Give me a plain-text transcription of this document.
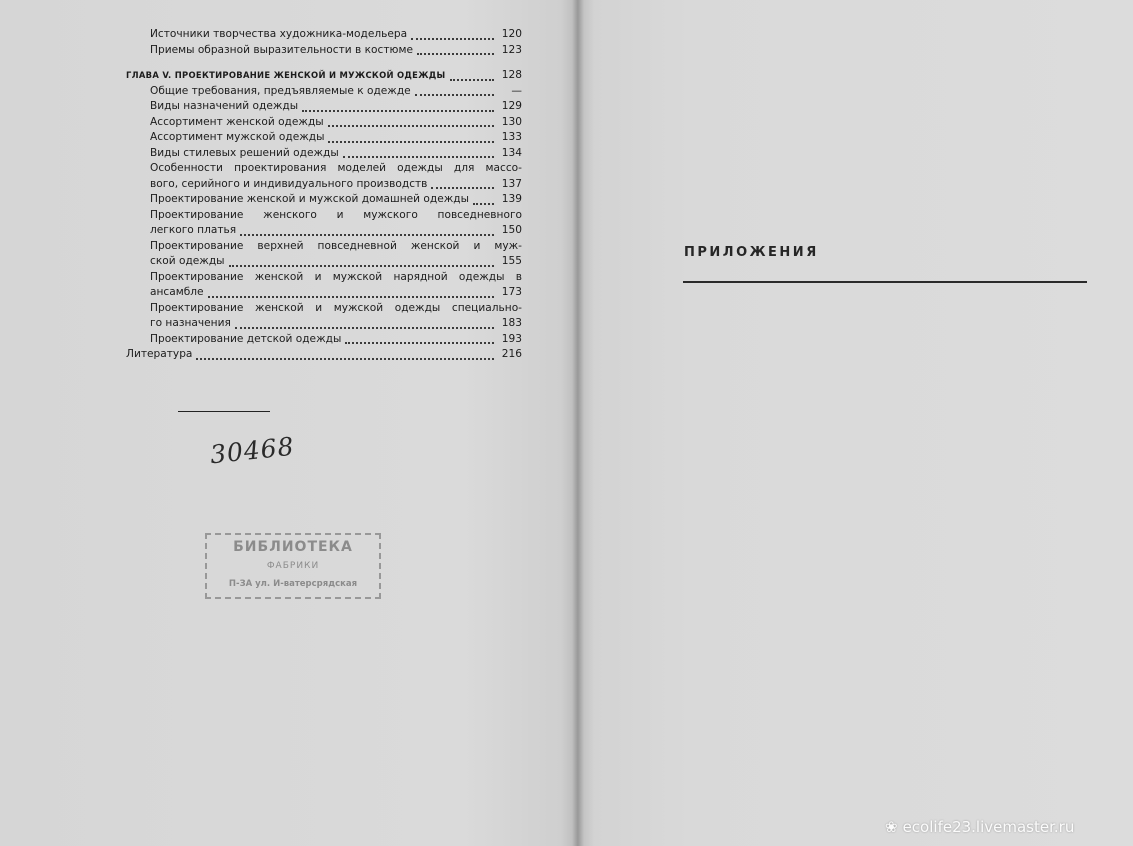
Источники творчества художника-модельера	120
Приемы образной выразительности в костюме	123
ГЛАВА V. ПРОЕКТИРОВАНИЕ ЖЕНСКОЙ И МУЖСКОЙ ОДЕЖДЫ	128
Общие требования, предъявляемые к одежде	—
Виды назначений одежды	129
Ассортимент женской одежды	130
Ассортимент мужской одежды	133
Виды стилевых решений одежды	134
Особенности проектирования моделей одежды для массо-
вого, серийного и индивидуального производств	137
Проектирование женской и мужской домашней одежды	139
Проектирование женского и мужского повседневного
легкого платья	150
Проектирование верхней повседневной женской и муж-
ской одежды	155
Проектирование женской и мужской нарядной одежды в
ансамбле	173
Проектирование женской и мужской одежды специально-
го назначения	183
Проектирование детской одежды	193
Литература	216
30468
БИБЛИОТЕКА
ФАБРИКИ
П-ЗА ул. И-ватерсрядская
ПРИЛОЖЕНИЯ
❀ ecolife23.livemaster.ru
